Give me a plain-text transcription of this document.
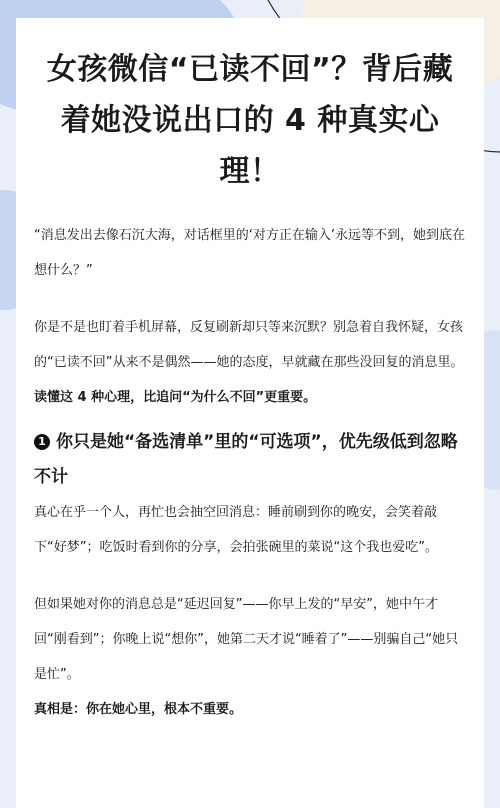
女孩微信“已读不回”？背后藏着她没说出口的 4 种真实心理！

“消息发出去像石沉大海，对话框里的‘对方正在输入’永远等不到，她到底在想什么？”

你是不是也盯着手机屏幕，反复刷新却只等来沉默？别急着自我怀疑，女孩的“已读不回”从来不是偶然——她的态度，早就藏在那些没回复的消息里。

读懂这 4 种心理，比追问“为什么不回”更重要。

1 你只是她“备选清单”里的“可选项”，优先级低到忽略不计

真心在乎一个人，再忙也会抽空回消息：睡前刷到你的晚安，会笑着敲下“好梦”；吃饭时看到你的分享，会拍张碗里的菜说“这个我也爱吃”。

但如果她对你的消息总是“延迟回复”——你早上发的“早安”，她中午才回“刚看到”；你晚上说“想你”，她第二天才说“睡着了”——别骗自己“她只是忙”。

真相是：你在她心里，根本不重要。
